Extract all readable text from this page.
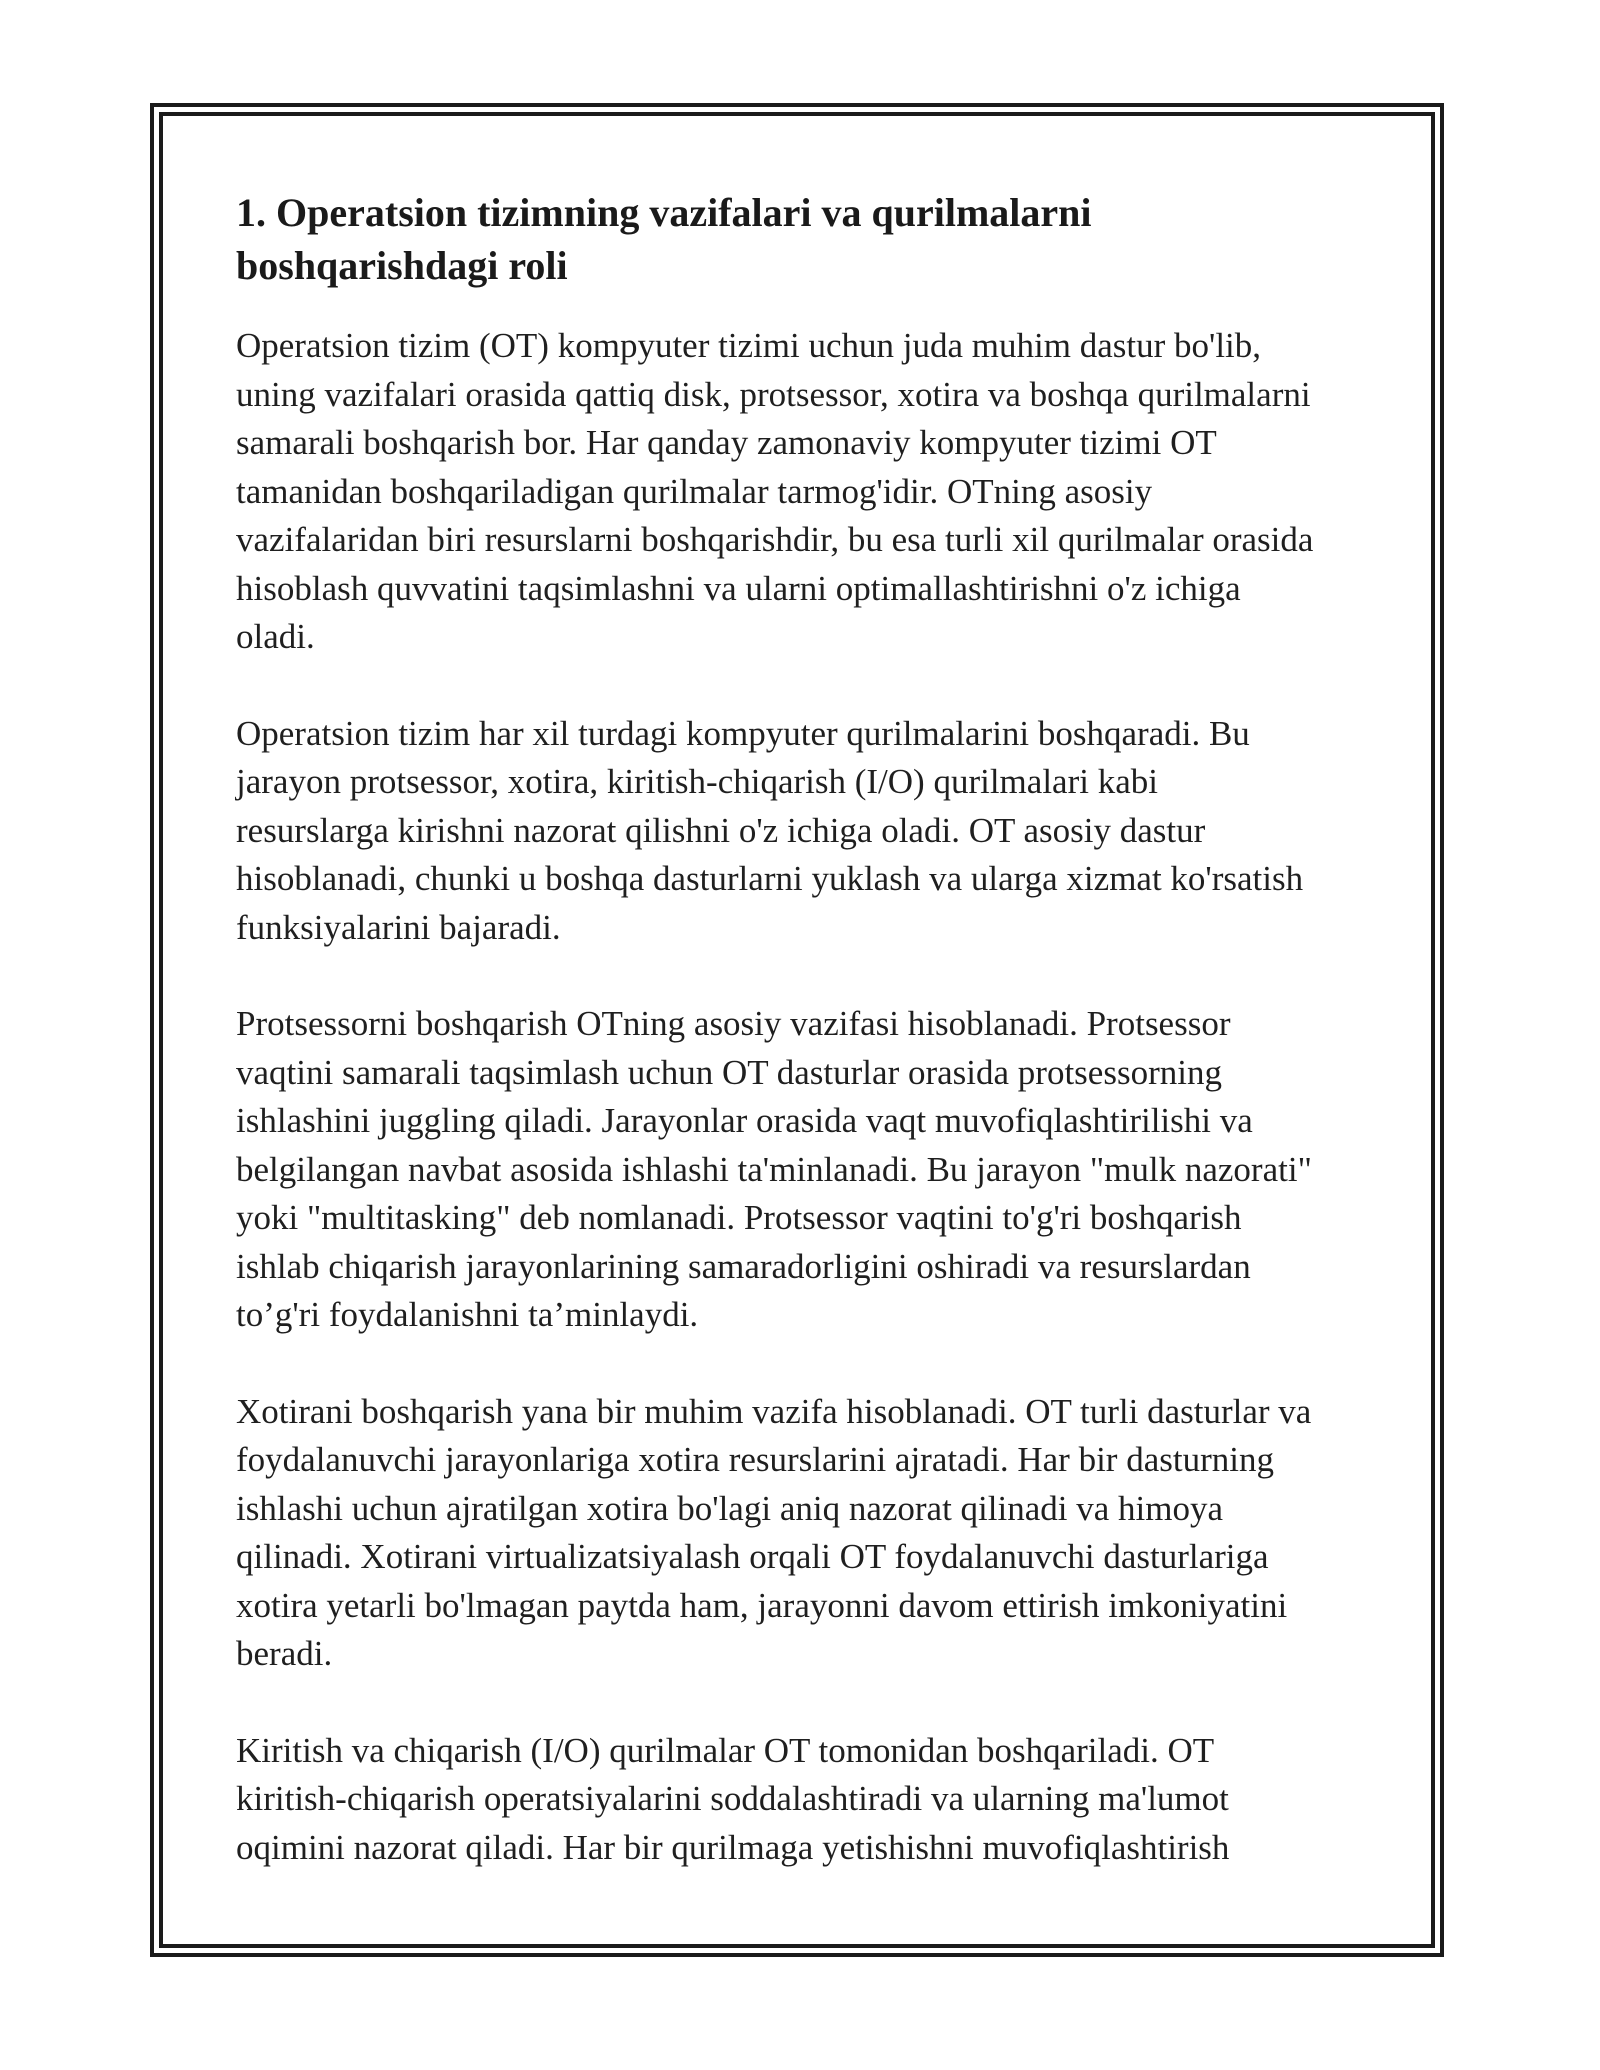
1. Operatsion tizimning vazifalari va qurilmalarni
boshqarishdagi roli

Operatsion tizim (OT) kompyuter tizimi uchun juda muhim dastur bo'lib,
uning vazifalari orasida qattiq disk, protsessor, xotira va boshqa qurilmalarni
samarali boshqarish bor. Har qanday zamonaviy kompyuter tizimi OT
tamanidan boshqariladigan qurilmalar tarmog'idir. OTning asosiy
vazifalaridan biri resurslarni boshqarishdir, bu esa turli xil qurilmalar orasida
hisoblash quvvatini taqsimlashni va ularni optimallashtirishni o'z ichiga
oladi.

Operatsion tizim har xil turdagi kompyuter qurilmalarini boshqaradi. Bu
jarayon protsessor, xotira, kiritish-chiqarish (I/O) qurilmalari kabi
resurslarga kirishni nazorat qilishni o'z ichiga oladi. OT asosiy dastur
hisoblanadi, chunki u boshqa dasturlarni yuklash va ularga xizmat ko'rsatish
funksiyalarini bajaradi.

Protsessorni boshqarish OTning asosiy vazifasi hisoblanadi. Protsessor
vaqtini samarali taqsimlash uchun OT dasturlar orasida protsessorning
ishlashini juggling qiladi. Jarayonlar orasida vaqt muvofiqlashtirilishi va
belgilangan navbat asosida ishlashi ta'minlanadi. Bu jarayon "mulk nazorati"
yoki "multitasking" deb nomlanadi. Protsessor vaqtini to'g'ri boshqarish
ishlab chiqarish jarayonlarining samaradorligini oshiradi va resurslardan
to’g'ri foydalanishni ta’minlaydi.

Xotirani boshqarish yana bir muhim vazifa hisoblanadi. OT turli dasturlar va
foydalanuvchi jarayonlariga xotira resurslarini ajratadi. Har bir dasturning
ishlashi uchun ajratilgan xotira bo'lagi aniq nazorat qilinadi va himoya
qilinadi. Xotirani virtualizatsiyalash orqali OT foydalanuvchi dasturlariga
xotira yetarli bo'lmagan paytda ham, jarayonni davom ettirish imkoniyatini
beradi.

Kiritish va chiqarish (I/O) qurilmalar OT tomonidan boshqariladi. OT
kiritish-chiqarish operatsiyalarini soddalashtiradi va ularning ma'lumot
oqimini nazorat qiladi. Har bir qurilmaga yetishishni muvofiqlashtirish
